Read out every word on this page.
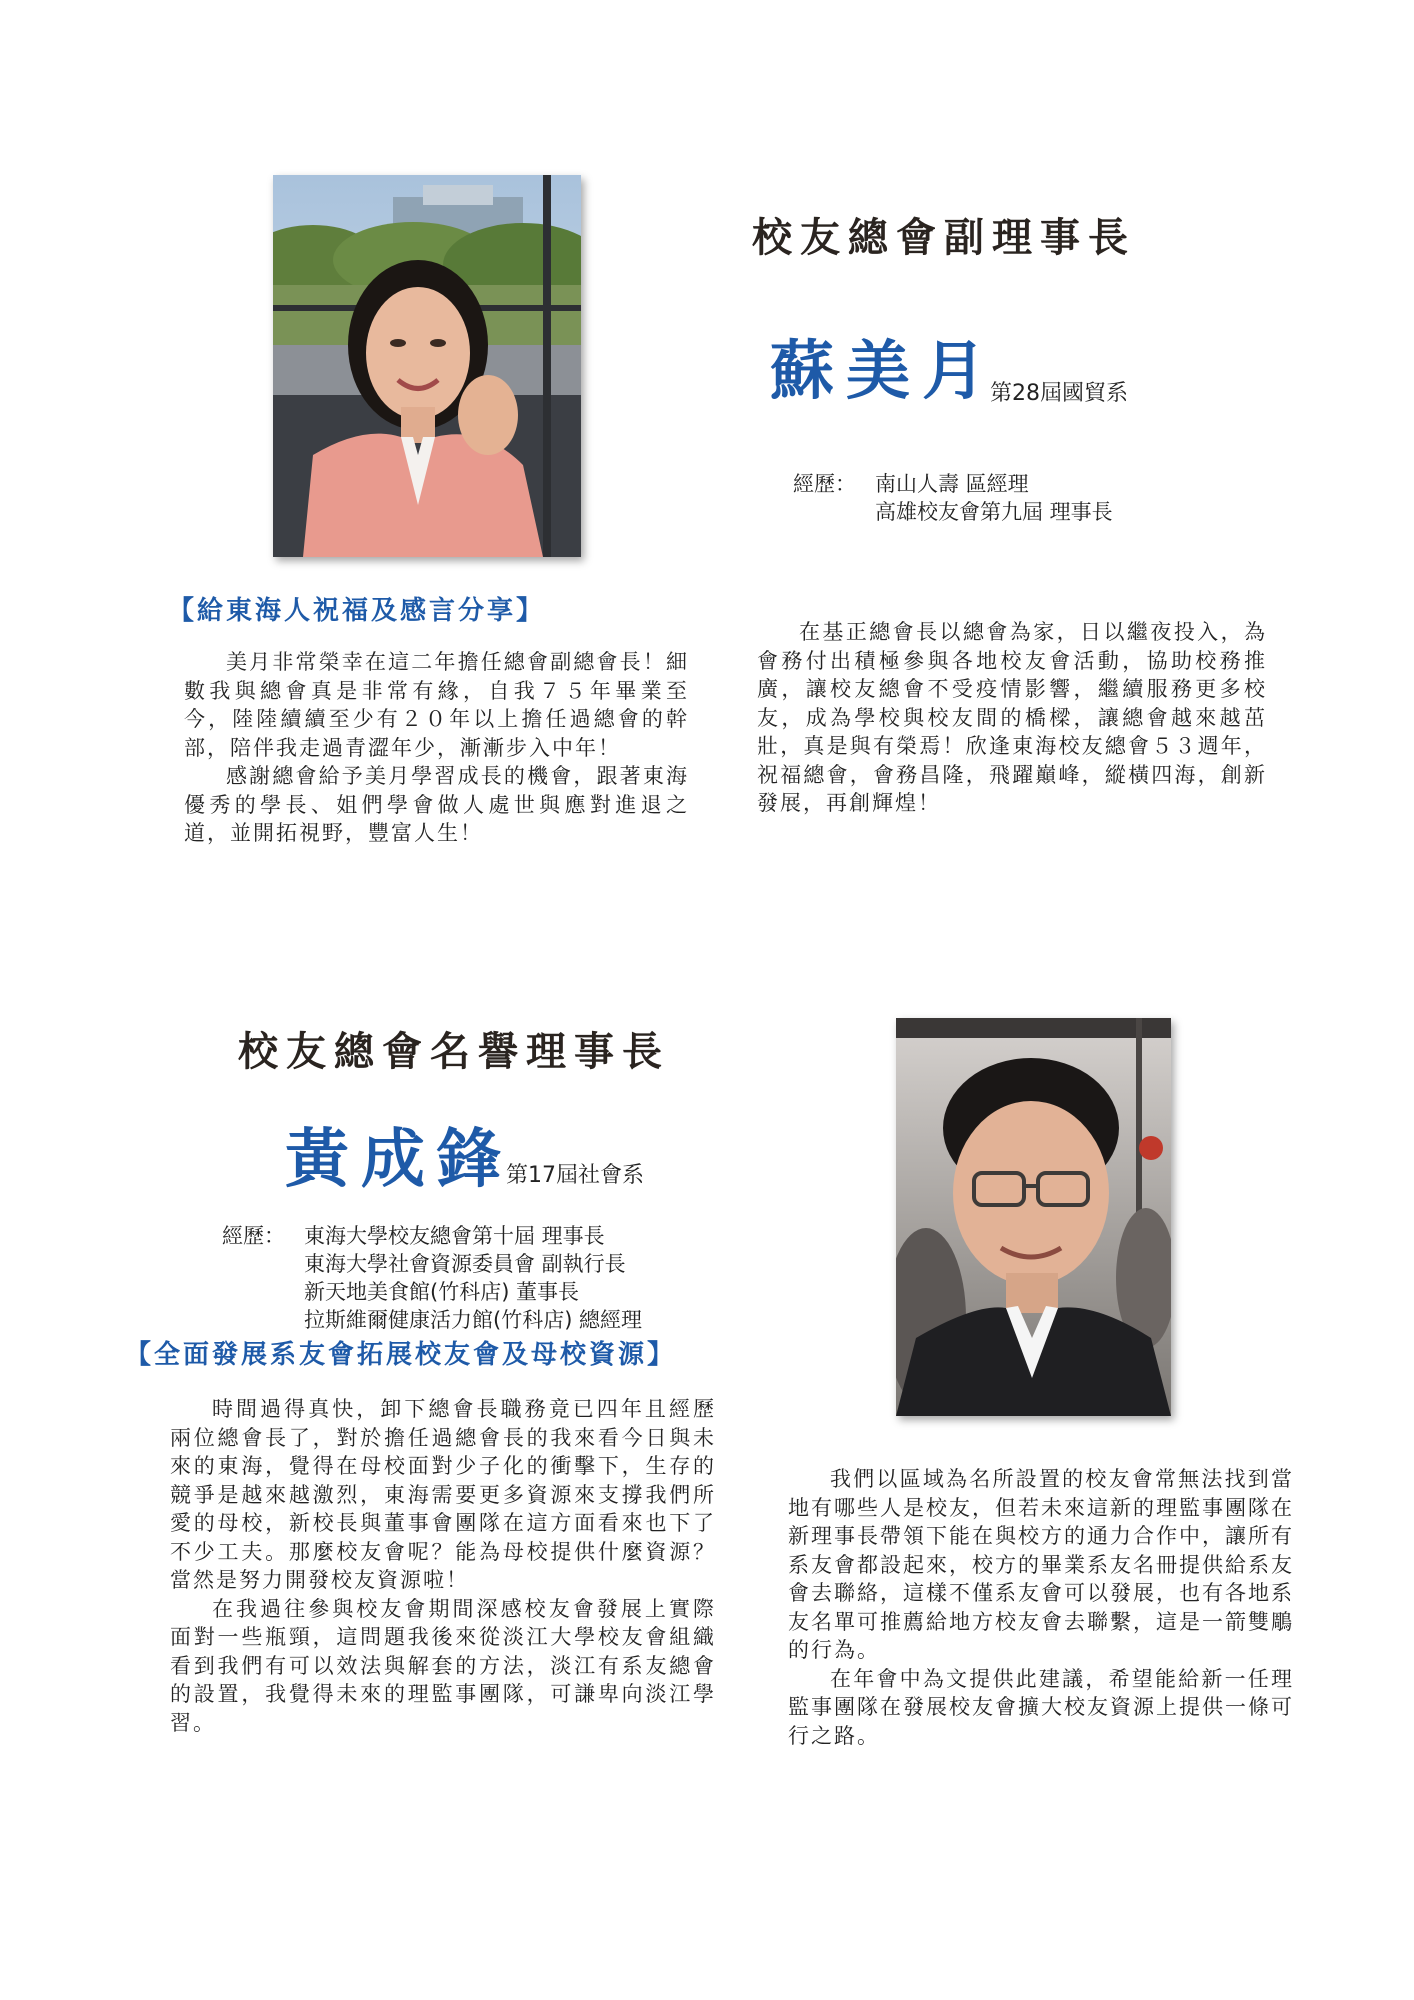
校友總會副理事長
蘇美月
第28屆國貿系
經歷： 南山人壽 區經理
高雄校友會第九屆 理事長
【給東海人祝福及感言分享】

美月非常榮幸在這二年擔任總會副總會長！細數我與總會真是非常有緣，自我７５年畢業至今，陸陸續續至少有２０年以上擔任過總會的幹部，陪伴我走過青澀年少，漸漸步入中年！

感謝總會給予美月學習成長的機會，跟著東海優秀的學長、姐們學會做人處世與應對進退之道，並開拓視野，豐富人生！

在基正總會長以總會為家，日以繼夜投入，為會務付出積極參與各地校友會活動，協助校務推廣，讓校友總會不受疫情影響，繼續服務更多校友，成為學校與校友間的橋樑，讓總會越來越茁壯，真是與有榮焉！欣逢東海校友總會５３週年，祝福總會，會務昌隆，飛躍巔峰，縱橫四海，創新發展，再創輝煌！

校友總會名譽理事長
黃成鋒
第17屆社會系
經歷： 東海大學校友總會第十屆 理事長
東海大學社會資源委員會 副執行長
新天地美食館(竹科店) 董事長
拉斯維爾健康活力館(竹科店) 總經理
【全面發展系友會拓展校友會及母校資源】

時間過得真快，卸下總會長職務竟已四年且經歷兩位總會長了，對於擔任過總會長的我來看今日與未來的東海，覺得在母校面對少子化的衝擊下，生存的競爭是越來越激烈，東海需要更多資源來支撐我們所愛的母校，新校長與董事會團隊在這方面看來也下了不少工夫。那麼校友會呢？能為母校提供什麼資源？ 當然是努力開發校友資源啦！

在我過往參與校友會期間深感校友會發展上實際面對一些瓶頸，這問題我後來從淡江大學校友會組織看到我們有可以效法與解套的方法，淡江有系友總會的設置，我覺得未來的理監事團隊，可謙卑向淡江學習。

我們以區域為名所設置的校友會常無法找到當地有哪些人是校友，但若未來這新的理監事團隊在新理事長帶領下能在與校方的通力合作中，讓所有系友會都設起來，校方的畢業系友名冊提供給系友會去聯絡，這樣不僅系友會可以發展，也有各地系友名單可推薦給地方校友會去聯繫，這是一箭雙鵰的行為。

在年會中為文提供此建議，希望能給新一任理監事團隊在發展校友會擴大校友資源上提供一條可行之路。
